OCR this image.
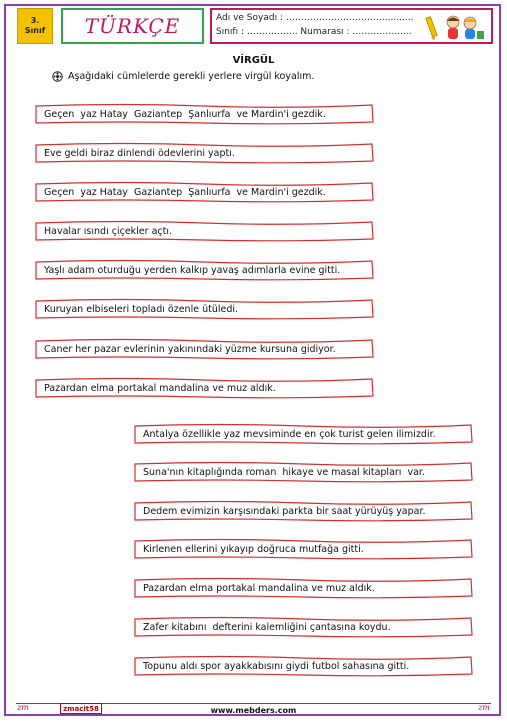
3.
Sınıf TÜRKÇE	Adı ve Soyadı : ……………………………..........
Sınıfı : …………….. Numarası : …………….....
VİRGÜL
Aşağıdaki cümlelerde gerekli yerlere virgül koyalım.
Geçen  yaz Hatay  Gaziantep  Şanlıurfa  ve Mardin'i gezdik.
Eve geldi biraz dinlendi ödevlerini yaptı.
Geçen  yaz Hatay  Gaziantep  Şanlıurfa  ve Mardin'i gezdik.
Havalar ısındı çiçekler açtı.
Yaşlı adam oturduğu yerden kalkıp yavaş adımlarla evine gitti.
Kuruyan elbiseleri topladı özenle ütüledi.
Caner her pazar evlerinin yakınındaki yüzme kursuna gidiyor.
Pazardan elma portakal mandalina ve muz aldık.
Antalya özellikle yaz mevsiminde en çok turist gelen ilimizdir.
Suna'nın kitaplığında roman  hikaye ve masal kitapları  var.
Dedem evimizin karşısındaki parkta bir saat yürüyüş yapar.
Kirlenen ellerini yıkayıp doğruca mutfağa gitti.
Pazardan elma portakal mandalina ve muz aldık.
Zafer kitabını  defterini kalemliğini çantasına koydu.
Topunu aldı spor ayakkabısını giydi futbol sahasına gitti.
zmacit58	www.mebders.com
zm	zm
